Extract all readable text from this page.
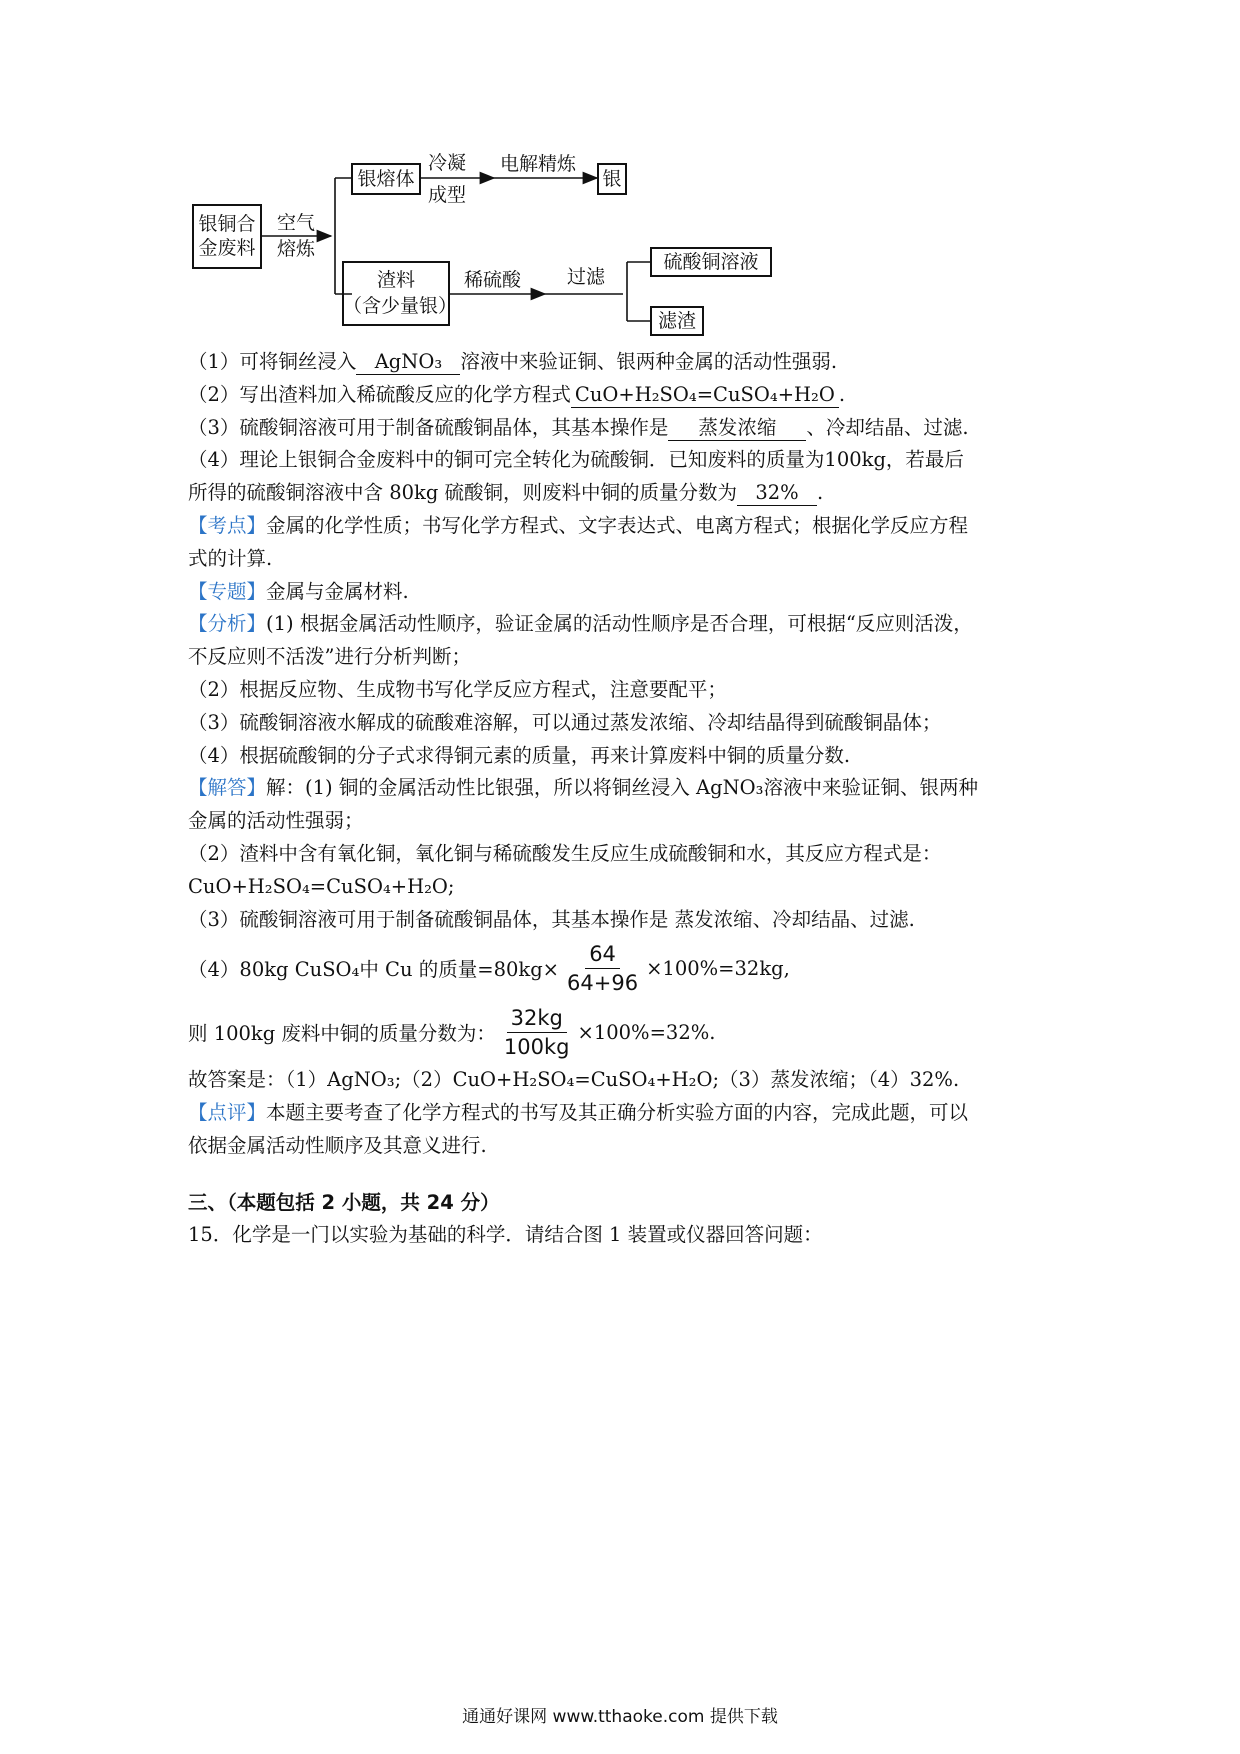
银铜合
金废料
空气
熔炼
银熔体
冷凝
成型
电解精炼
银
渣料
（含少量银）
稀硫酸 过滤
硫酸铜溶液
滤渣
（1）可将铜丝浸入 AgNO₃ 溶液中来验证铜、银两种金属的活动性强弱.
（2）写出渣料加入稀硫酸反应的化学方程式 CuO+H₂SO₄=CuSO₄+H₂O .
（3）硫酸铜溶液可用于制备硫酸铜晶体，其基本操作是 蒸发浓缩 、冷却结晶、过滤.
（4）理论上银铜合金废料中的铜可完全转化为硫酸铜．已知废料的质量为100kg，若最后
所得的硫酸铜溶液中含 80kg 硫酸铜，则废料中铜的质量分数为 32% .
【考点】金属的化学性质；书写化学方程式、文字表达式、电离方程式；根据化学反应方程
式的计算.
【专题】金属与金属材料.
【分析】(1) 根据金属活动性顺序，验证金属的活动性顺序是否合理，可根据“反应则活泼，
不反应则不活泼”进行分析判断；
（2）根据反应物、生成物书写化学反应方程式，注意要配平；
（3）硫酸铜溶液水解成的硫酸难溶解，可以通过蒸发浓缩、冷却结晶得到硫酸铜晶体；
（4）根据硫酸铜的分子式求得铜元素的质量，再来计算废料中铜的质量分数.
【解答】解：(1) 铜的金属活动性比银强，所以将铜丝浸入 AgNO₃溶液中来验证铜、银两种
金属的活动性强弱；
（2）渣料中含有氧化铜，氧化铜与稀硫酸发生反应生成硫酸铜和水，其反应方程式是：
CuO+H₂SO₄=CuSO₄+H₂O;
（3）硫酸铜溶液可用于制备硫酸铜晶体，其基本操作是 蒸发浓缩、冷却结晶、过滤.
（4）80kg CuSO₄中 Cu 的质量$=80kg\times \frac{64}{64+96} \times 100\%=32kg$,
则 100kg 废料中铜的质量分数为： $\frac{32kg}{100kg} \times 100\%=32\%$.
故答案是：（1）AgNO₃;（2）CuO+H₂SO₄=CuSO₄+H₂O;（3）蒸发浓缩；（4）32%.
【点评】本题主要考查了化学方程式的书写及其正确分析实验方面的内容，完成此题，可以
依据金属活动性顺序及其意义进行.
三、（本题包括 2 小题，共 24 分）
15．化学是一门以实验为基础的科学．请结合图 1 装置或仪器回答问题：
通通好课网 www.tthaoke.com 提供下载
